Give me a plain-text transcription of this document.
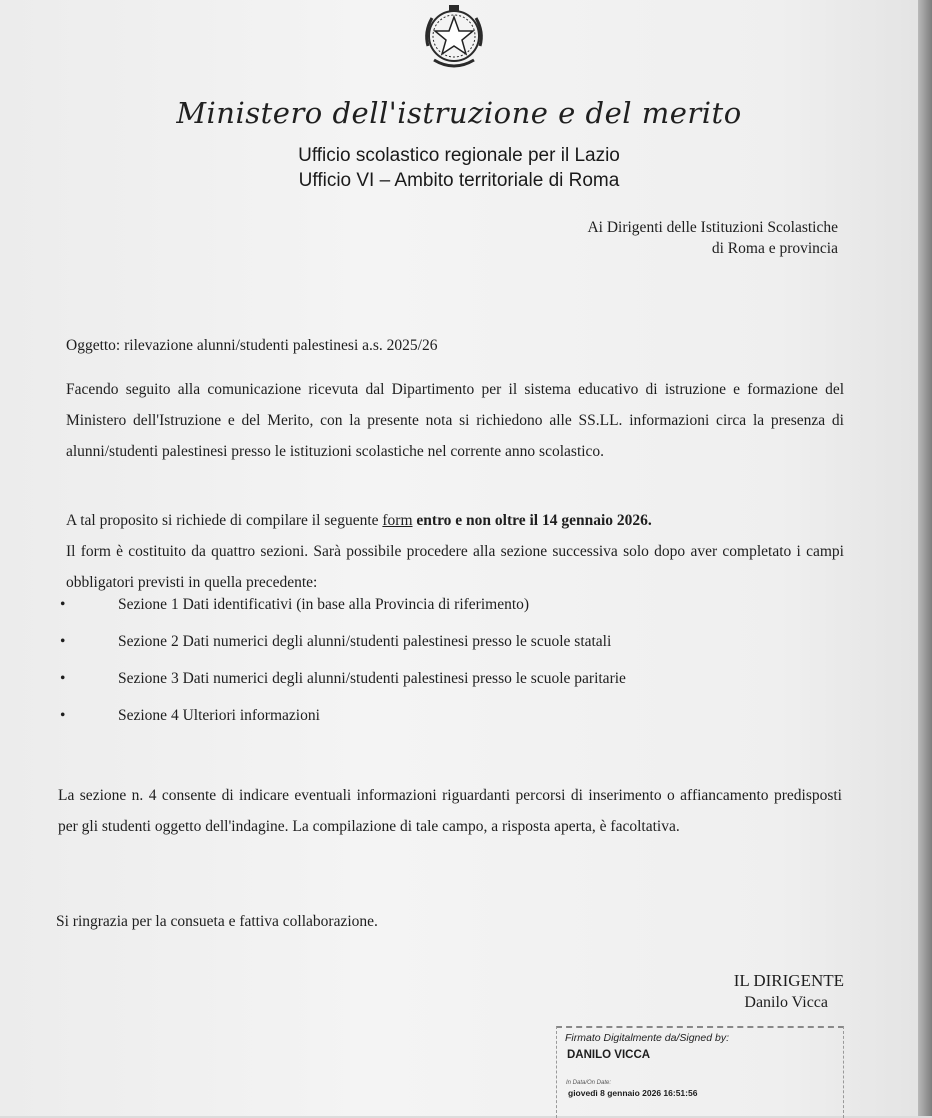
Ministero dell'istruzione e del merito
Ufficio scolastico regionale per il Lazio
Ufficio VI – Ambito territoriale di Roma
Ai Dirigenti delle Istituzioni Scolastiche
di Roma e provincia
Oggetto: rilevazione alunni/studenti palestinesi a.s. 2025/26
Facendo seguito alla comunicazione ricevuta dal Dipartimento per il sistema educativo di istruzione e formazione del Ministero dell'Istruzione e del Merito, con la presente nota si richiedono alle SS.LL. informazioni circa la presenza di alunni/studenti palestinesi presso le istituzioni scolastiche nel corrente anno scolastico.
A tal proposito si richiede di compilare il seguente form entro e non oltre il 14 gennaio 2026.
Il form è costituito da quattro sezioni. Sarà possibile procedere alla sezione successiva solo dopo aver completato i campi obbligatori previsti in quella precedente:
•	Sezione 1 Dati identificativi (in base alla Provincia di riferimento)
•	Sezione 2 Dati numerici degli alunni/studenti palestinesi presso le scuole statali
•	Sezione 3 Dati numerici degli alunni/studenti palestinesi presso le scuole paritarie
•	Sezione 4 Ulteriori informazioni
La sezione n. 4 consente di indicare eventuali informazioni riguardanti percorsi di inserimento o affiancamento predisposti per gli studenti oggetto dell'indagine. La compilazione di tale campo, a risposta aperta, è facoltativa.
Si ringrazia per la consueta e fattiva collaborazione.
IL DIRIGENTE
Danilo Vicca
Firmato Digitalmente da/Signed by:
DANILO VICCA
In Data/On Date:
giovedì 8 gennaio 2026 16:51:56
